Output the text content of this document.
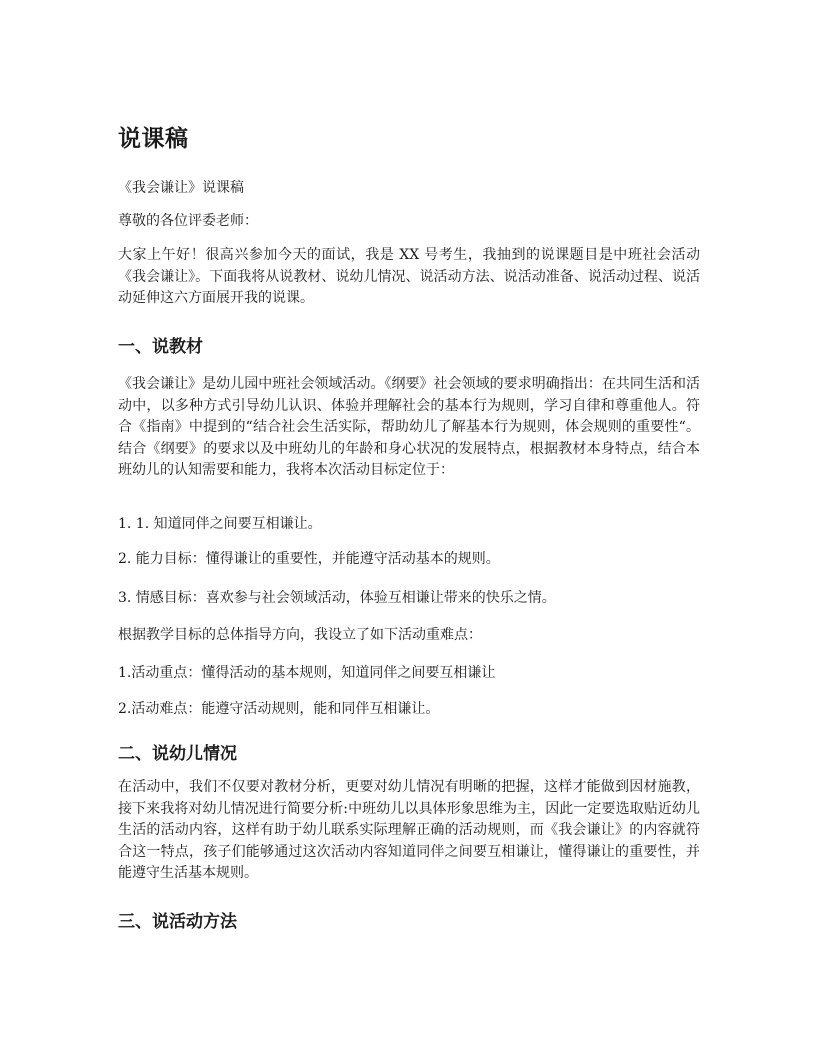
说课稿

《我会谦让》说课稿

尊敬的各位评委老师：

大家上午好！很高兴参加今天的面试，我是 XX 号考生，我抽到的说课题目是中班社会活动《我会谦让》。下面我将从说教材、说幼儿情况、说活动方法、说活动准备、说活动过程、说活动延伸这六方面展开我的说课。

一、说教材

《我会谦让》是幼儿园中班社会领域活动。《纲要》社会领域的要求明确指出：在共同生活和活动中，以多种方式引导幼儿认识、体验并理解社会的基本行为规则，学习自律和尊重他人。符合《指南》中提到的“结合社会生活实际，帮助幼儿了解基本行为规则，体会规则的重要性“。结合《纲要》的要求以及中班幼儿的年龄和身心状况的发展特点，根据教材本身特点，结合本班幼儿的认知需要和能力，我将本次活动目标定位于：

1. 1. 知道同伴之间要互相谦让。

2. 能力目标：懂得谦让的重要性，并能遵守活动基本的规则。

3. 情感目标：喜欢参与社会领域活动，体验互相谦让带来的快乐之情。

根据教学目标的总体指导方向，我设立了如下活动重难点：

1.活动重点：懂得活动的基本规则，知道同伴之间要互相谦让

2.活动难点：能遵守活动规则，能和同伴互相谦让。

二、说幼儿情况

在活动中，我们不仅要对教材分析，更要对幼儿情况有明晰的把握，这样才能做到因材施教，接下来我将对幼儿情况进行简要分析:中班幼儿以具体形象思维为主，因此一定要选取贴近幼儿生活的活动内容，这样有助于幼儿联系实际理解正确的活动规则，而《我会谦让》的内容就符合这一特点，孩子们能够通过这次活动内容知道同伴之间要互相谦让，懂得谦让的重要性，并能遵守生活基本规则。

三、说活动方法
